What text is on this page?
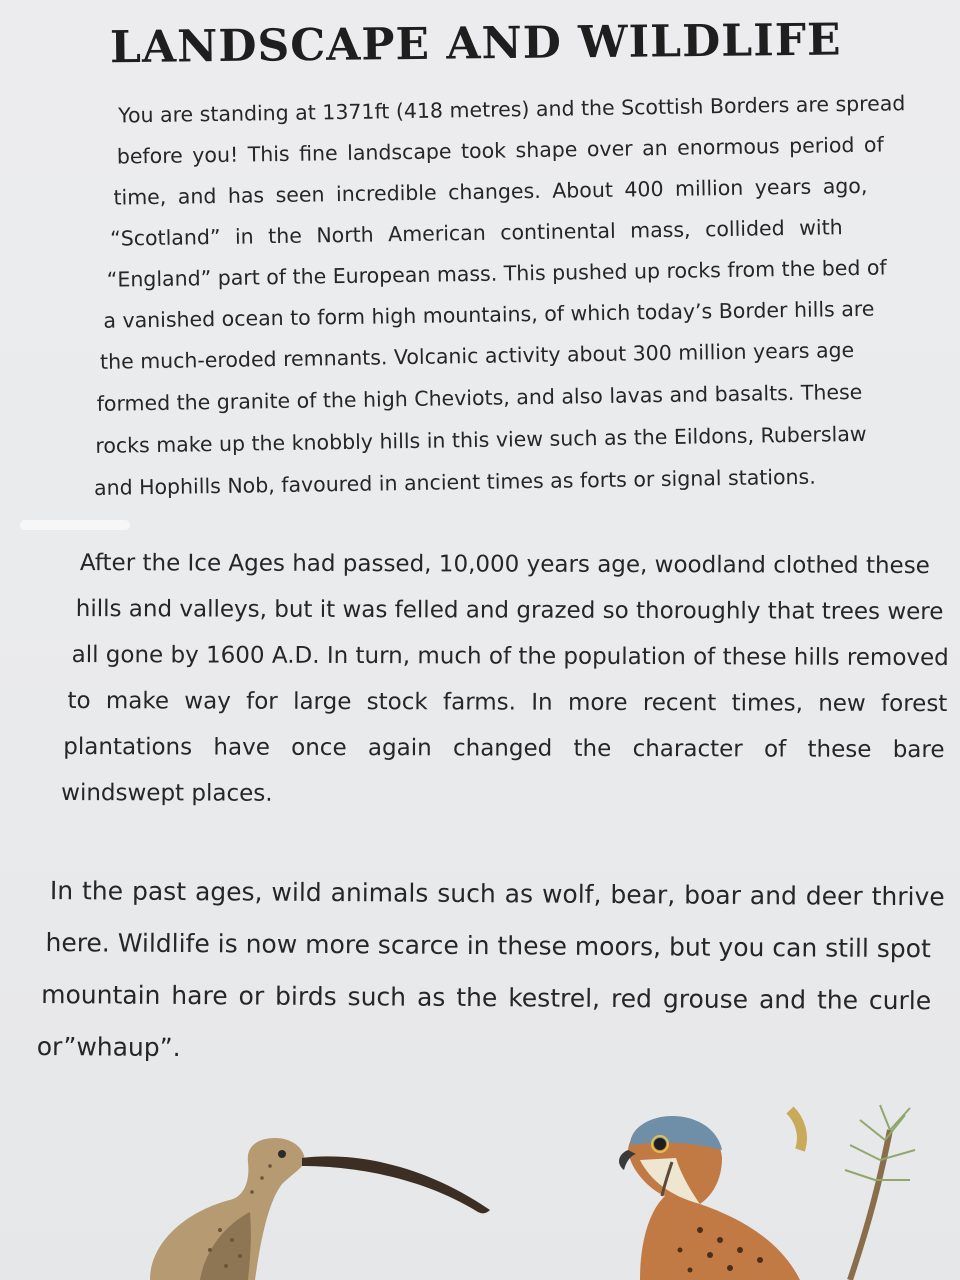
LANDSCAPE AND WILDLIFE
You are standing at 1371ft (418 metres) and the Scottish Borders are spread
before you! This fine landscape took shape over an enormous period of
time, and has seen incredible changes. About 400 million years ago,
“Scotland” in the North American continental mass, collided with
“England” part of the European mass. This pushed up rocks from the bed of
a vanished ocean to form high mountains, of which today’s Border hills are
the much-eroded remnants. Volcanic activity about 300 million years age
formed the granite of the high Cheviots, and also lavas and basalts. These
rocks make up the knobbly hills in this view such as the Eildons, Ruberslaw
and Hophills Nob, favoured in ancient times as forts or signal stations.
After the Ice Ages had passed, 10,000 years age, woodland clothed these
hills and valleys, but it was felled and grazed so thoroughly that trees were
all gone by 1600 A.D. In turn, much of the population of these hills removed
to make way for large stock farms. In more recent times, new forest
plantations have once again changed the character of these bare
windswept places.
In the past ages, wild animals such as wolf, bear, boar and deer thrive
here. Wildlife is now more scarce in these moors, but you can still spot
mountain hare or birds such as the kestrel, red grouse and the curle
or”whaup”.
